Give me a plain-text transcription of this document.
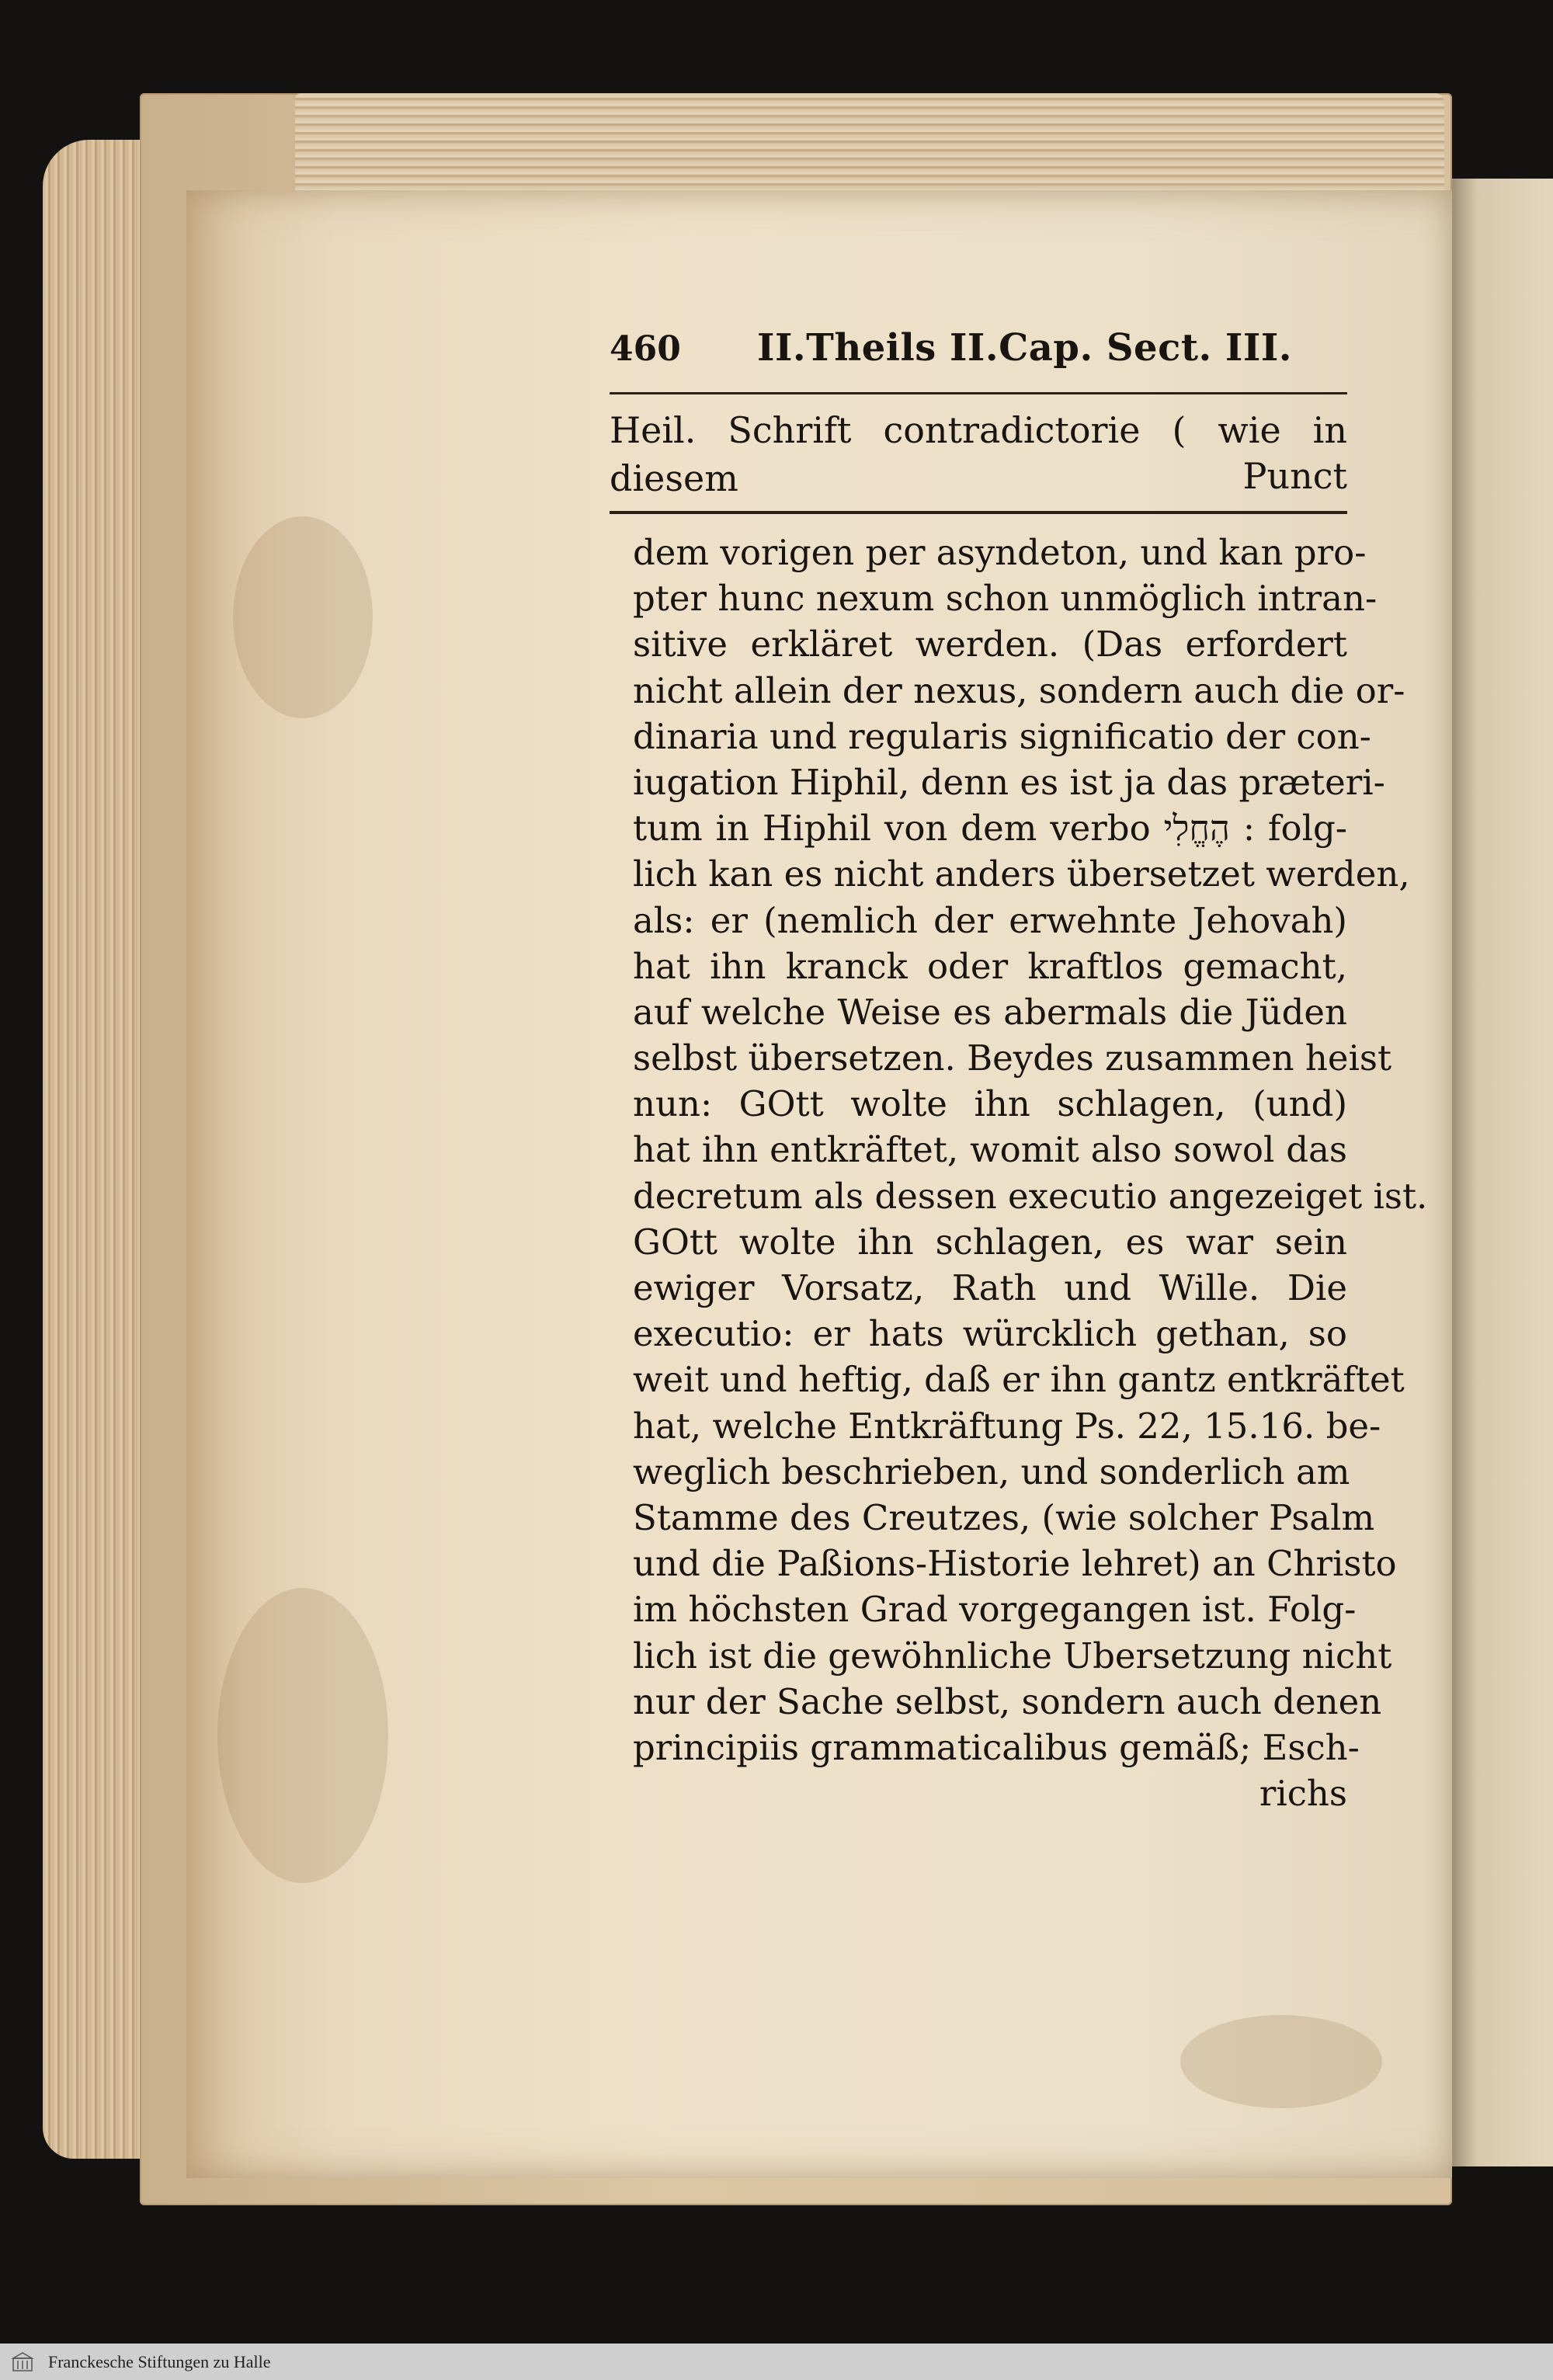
460	II.Theils II.Cap. Sect. III.
Heil. Schrift contradictorie ( wie in diesem	Punct
dem vorigen per asyndeton, und kan pro-
pter hunc nexum schon unmöglich intran-
sitive erkläret werden. (Das erfordert
nicht allein der nexus, sondern auch die or-
dinaria und regularis significatio der con-
iugation Hiphil, denn es ist ja das præteri-
tum in Hiphil von dem verbo הֶחֱלִי : folg-
lich kan es nicht anders übersetzet werden,
als: er (nemlich der erwehnte Jehovah)
hat ihn kranck oder kraftlos gemacht,
auf welche Weise es abermals die Jüden
selbst übersetzen. Beydes zusammen heist
nun: GOtt wolte ihn schlagen, (und)
hat ihn entkräftet, womit also sowol das
decretum als dessen executio angezeiget ist.
GOtt wolte ihn schlagen, es war sein
ewiger Vorsatz, Rath und Wille. Die
executio: er hats würcklich gethan, so
weit und heftig, daß er ihn gantz entkräftet
hat, welche Entkräftung Ps. 22, 15.16. be-
weglich beschrieben, und sonderlich am
Stamme des Creutzes, (wie solcher Psalm
und die Paßions-Historie lehret) an Christo
im höchsten Grad vorgegangen ist. Folg-
lich ist die gewöhnliche Ubersetzung nicht
nur der Sache selbst, sondern auch denen
principiis grammaticalibus gemäß; Esch-
richs
Franckesche Stiftungen zu Halle
